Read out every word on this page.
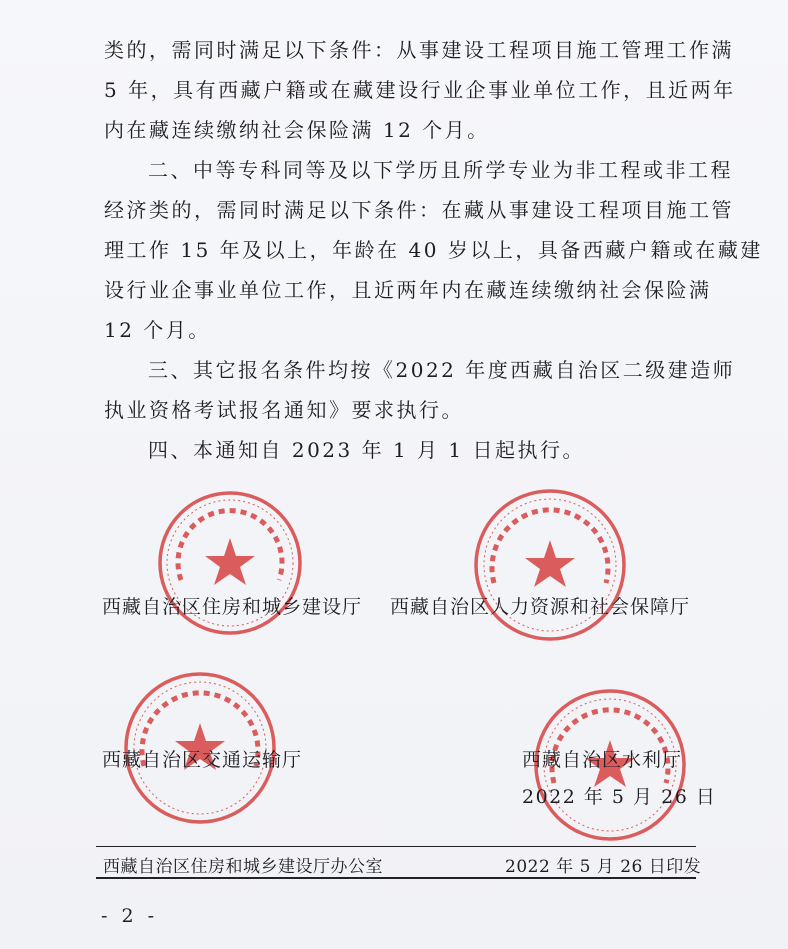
类的，需同时满足以下条件：从事建设工程项目施工管理工作满
5 年，具有西藏户籍或在藏建设行业企事业单位工作，且近两年
内在藏连续缴纳社会保险满 12 个月。
二、中等专科同等及以下学历且所学专业为非工程或非工程
经济类的，需同时满足以下条件：在藏从事建设工程项目施工管
理工作 15 年及以上，年龄在 40 岁以上，具备西藏户籍或在藏建
设行业企事业单位工作，且近两年内在藏连续缴纳社会保险满
12 个月。
三、其它报名条件均按《2022 年度西藏自治区二级建造师
执业资格考试报名通知》要求执行。
四、本通知自 2023 年 1 月 1 日起执行。
西藏自治区住房和城乡建设厅 西藏自治区人力资源和社会保障厅
西藏自治区交通运输厅	西藏自治区水利厅
2022 年 5 月 26 日
西藏自治区住房和城乡建设厅办公室	2022 年 5 月 26 日印发
- 2 -
